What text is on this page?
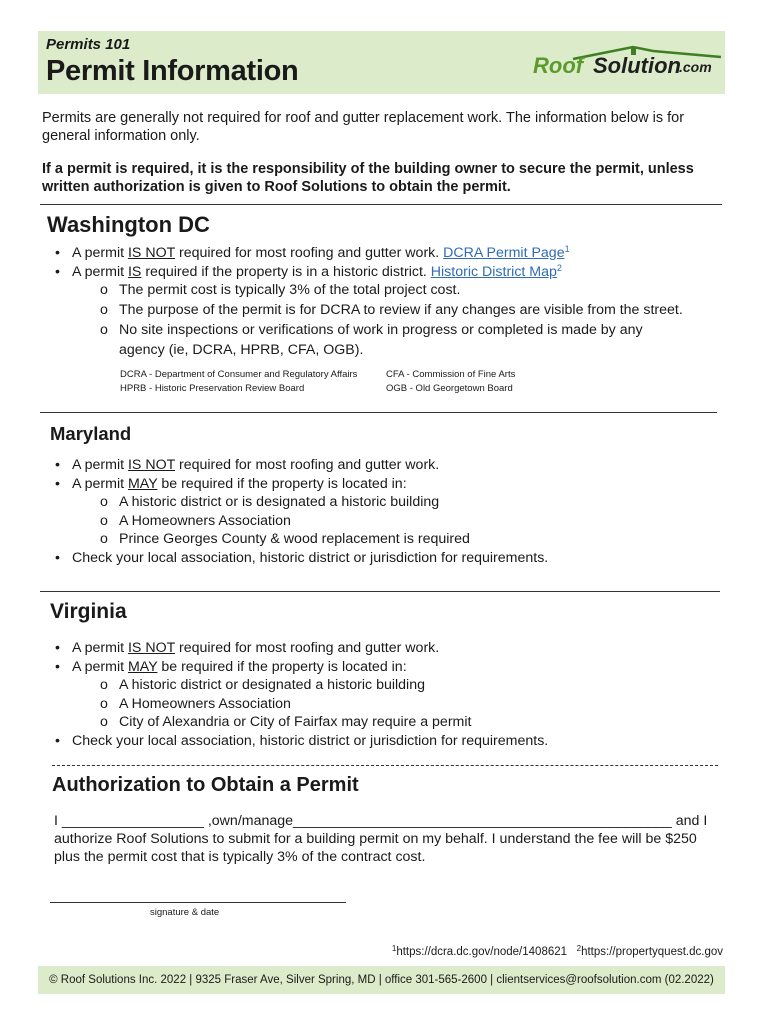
Permits 101
Permit Information	Roof Solution
.com
Permits are generally not required for roof and gutter replacement work. The information below is for general information only.
If a permit is required, it is the responsibility of the building owner to secure the permit, unless written authorization is given to Roof Solutions to obtain the permit.
Washington DC
• A permit IS NOT required for most roofing and gutter work. DCRA Permit Page$^1$
• A permit IS required if the property is in a historic district. Historic District Map$^2$
o The permit cost is typically 3% of the total project cost.
o The purpose of the permit is for DCRA to review if any changes are visible from the street.
o No site inspections or verifications of work in progress or completed is made by any
agency (ie, DCRA, HPRB, CFA, OGB).
DCRA - Department of Consumer and Regulatory Affairs	CFA - Commission of Fine Arts
HPRB - Historic Preservation Review Board	OGB - Old Georgetown Board
Maryland
• A permit IS NOT required for most roofing and gutter work.
• A permit MAY be required if the property is located in:
o A historic district or is designated a historic building
o A Homeowners Association
o Prince Georges County & wood replacement is required
• Check your local association, historic district or jurisdiction for requirements.
Virginia
• A permit IS NOT required for most roofing and gutter work.
• A permit MAY be required if the property is located in:
o A historic district or designated a historic building
o A Homeowners Association
o City of Alexandria or City of Fairfax may require a permit
• Check your local association, historic district or jurisdiction for requirements.
Authorization to Obtain a Permit
I __________________ ,own/manage________________________________________________ and I
authorize Roof Solutions to submit for a building permit on my behalf. I understand the fee will be $250
plus the permit cost that is typically 3% of the contract cost.
signature & date
$^1$https://dcra.dc.gov/node/1408621 $^2$https://propertyquest.dc.gov
© Roof Solutions Inc. 2022 | 9325 Fraser Ave, Silver Spring, MD | office 301-565-2600 | clientservices@roofsolution.com (02.2022)
